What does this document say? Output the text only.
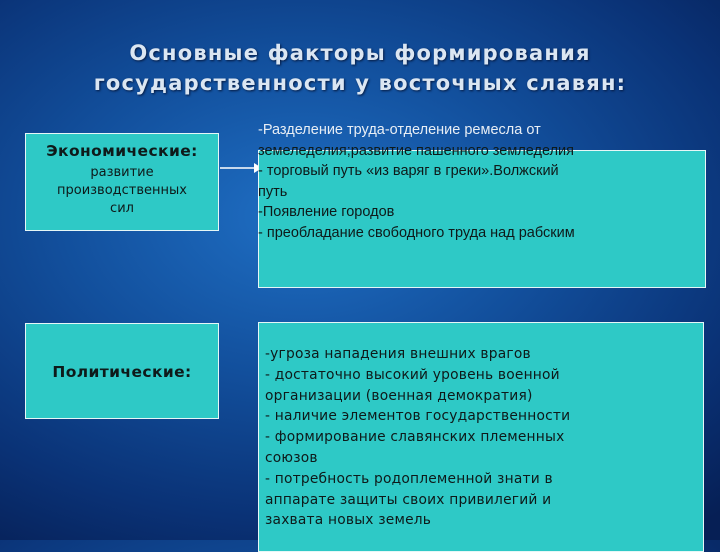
Основные факторы формирования
государственности у восточных славян:
Экономические:
развитие
производственных
сил
-Разделение труда-отделение ремесла от
земеледелия;развитие пашенного земледелия
- торговый путь «из варяг в греки».Волжский
путь
-Появление городов
- преобладание свободного труда над рабским
Политические:
-угроза нападения внешних врагов
- достаточно высокий уровень военной
организации (военная демократия)
- наличие элементов государственности
- формирование славянских племенных
союзов
- потребность родоплеменной знати в
аппарате защиты своих привилегий и
захвата новых земель
